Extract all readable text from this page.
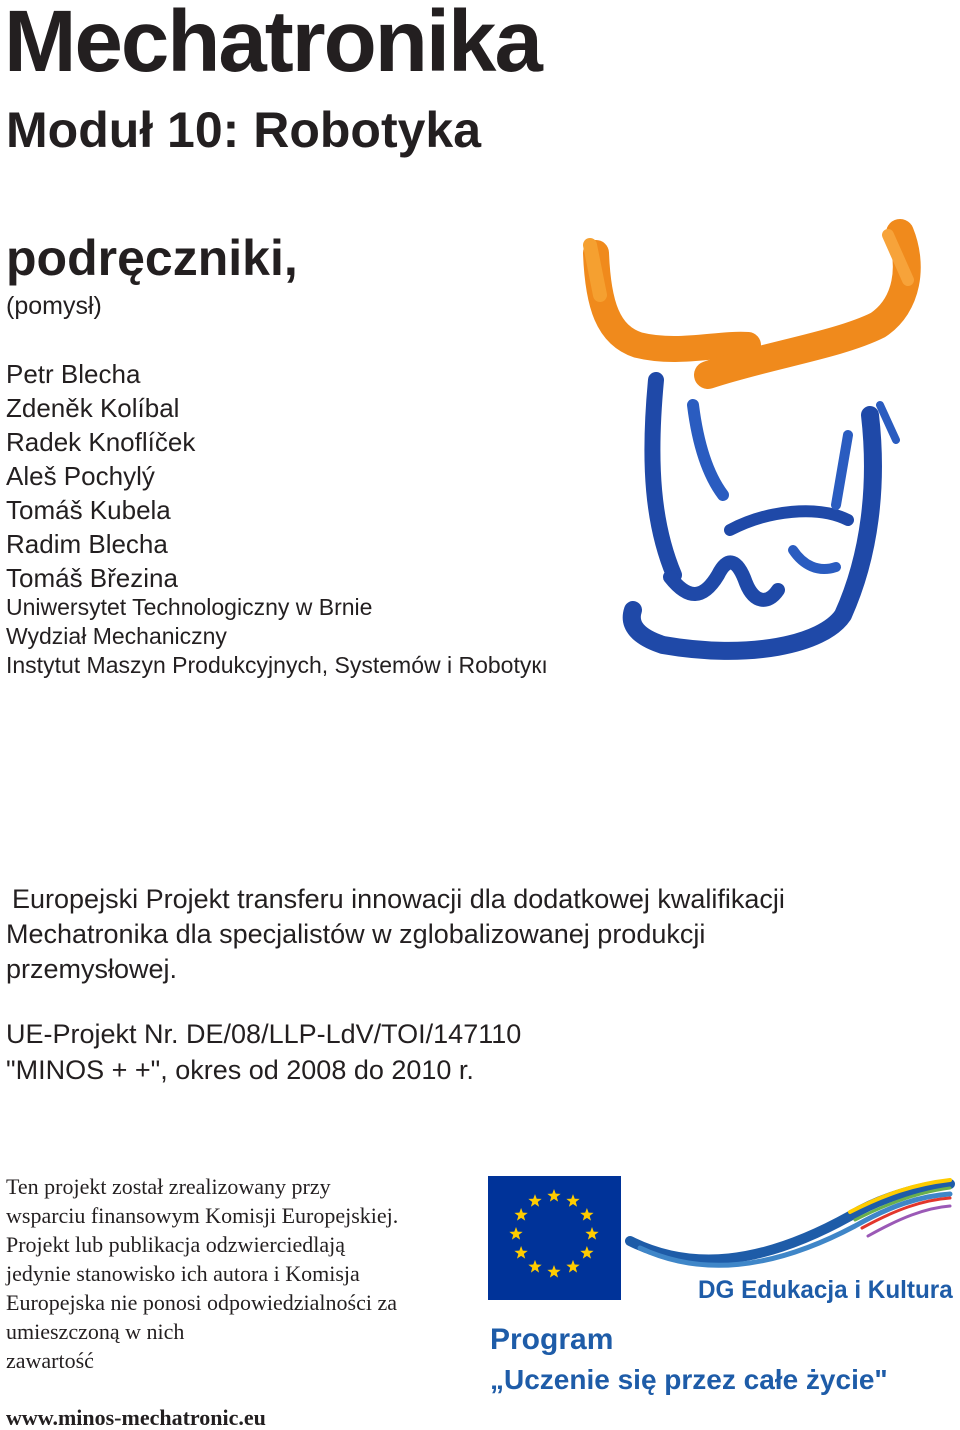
Mechatronika
Moduł 10: Robotyka
podręczniki,
(pomysł)
Petr Blecha
Zdeněk Kolíbal
Radek Knoflíček
Aleš Pochylý
Tomáš Kubela
Radim Blecha
Tomáš Březina
Uniwersytet Technologiczny w Brnie
Wydział Mechaniczny
Instytut Maszyn Produkcyjnych, Systemów i Robotyкı
Europejski Projekt transferu innowacji dla dodatkowej kwalifikacji
Mechatronika dla specjalistów w zglobalizowanej produkcji
przemysłowej.
UE-Projekt Nr. DE/08/LLP-LdV/TOI/147110
"MINOS + +", okres od 2008 do 2010 r.
Ten projekt został zrealizowany przy
wsparciu finansowym Komisji Europejskiej.
Projekt lub publikacja odzwierciedlają
jedynie stanowisko ich autora i Komisja
Europejska nie ponosi odpowiedzialności za
umieszczoną w nich
zawartość
www.minos-mechatronic.eu
DG Edukacja i Kultura
Program
„Uczenie się przez całe życie"
